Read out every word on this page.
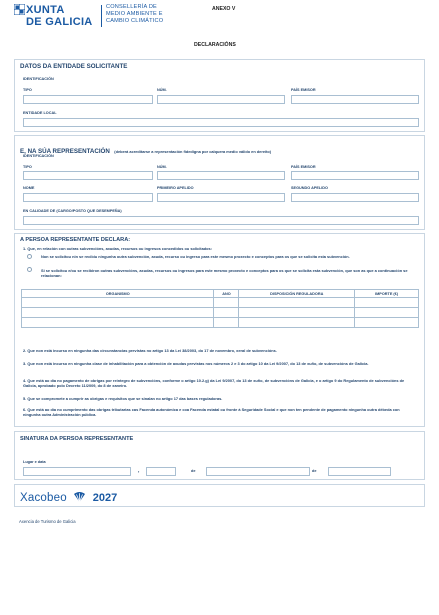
XUNTA
DE GALICIA
CONSELLERÍA DE
MEDIO AMBIENTE E
CAMBIO CLIMÁTICO
ANEXO V
DECLARACIÓNS
DATOS DA ENTIDADE SOLICITANTE
IDENTIFICACIÓN
TIPO	NÚM.	PAÍS EMISOR
ENTIDADE LOCAL
E, NA SÚA REPRESENTACIÓN (deberá acreditarse a representación fidedigna por calquera medio válido en dereito)
IDENTIFICACIÓN
TIPO	NÚM.	PAÍS EMISOR
NOME	PRIMEIRO APELIDO	SEGUNDO APELIDO
EN CALIDADE DE (CARGO/POSTO QUE DESEMPEÑA)
A PERSOA REPRESENTANTE DECLARA:
1. Que, en relación con outras subvencións, axudas, recursos ou ingresos concedidos ou solicitados:
Non se solicitou nin se recibiu ningunha outra subvención, axuda, recurso ou ingreso para este mesmo proxecto e conceptos para os que se solicita esta subvención.
Si se solicitou e/ou se recibiron outras subvencións, axudas, recursos ou ingresos para este mesmo proxecto e conceptos para os que se solicita esta subvención, que son as que a continuación se relacionan:
ORGANISMO	ANO	DISPOSICIÓN REGULADORA	IMPORTE (€)

2. Que non está incurso en ningunha das circunstancias previstas no artigo 13 da Lei 38/2003, do 17 de novembro, xeral de subvencións.
3. Que non está incurso en ningunha clase de inhabilitación para a obtención de axudas previstas nos números 2 e 3 do artigo 10 da Lei 9/2007, do 13 de xuño, de subvencións de Galicia.
4. Que está ao día no pagamento de obrigas por reintegro de subvencións, conforme o artigo 10.2.g) da Lei 9/2007, do 13 de xuño, de subvencións de Galicia, e o artigo 9 do Regulamento de subvencións de Galicia, aprobado polo Decreto 11/2009, do 8 de xaneiro.
5. Que se compromete a cumprir as obrigas e requisitos que se sinalan no artigo 17 das bases reguladoras.
6. Que está ao día no cumprimento das obrigas tributarias cas Facenda autonómica e coa Facenda estatal ou fronte á Seguridade Social e que non ten pendente de pagamento ningunha outra débeda con ningunha outra Administración pública.
SINATURA DA PERSOA REPRESENTANTE
Lugar e data
,	de	de
Xacobeo 2027
Axencia de Turismo de Galicia
